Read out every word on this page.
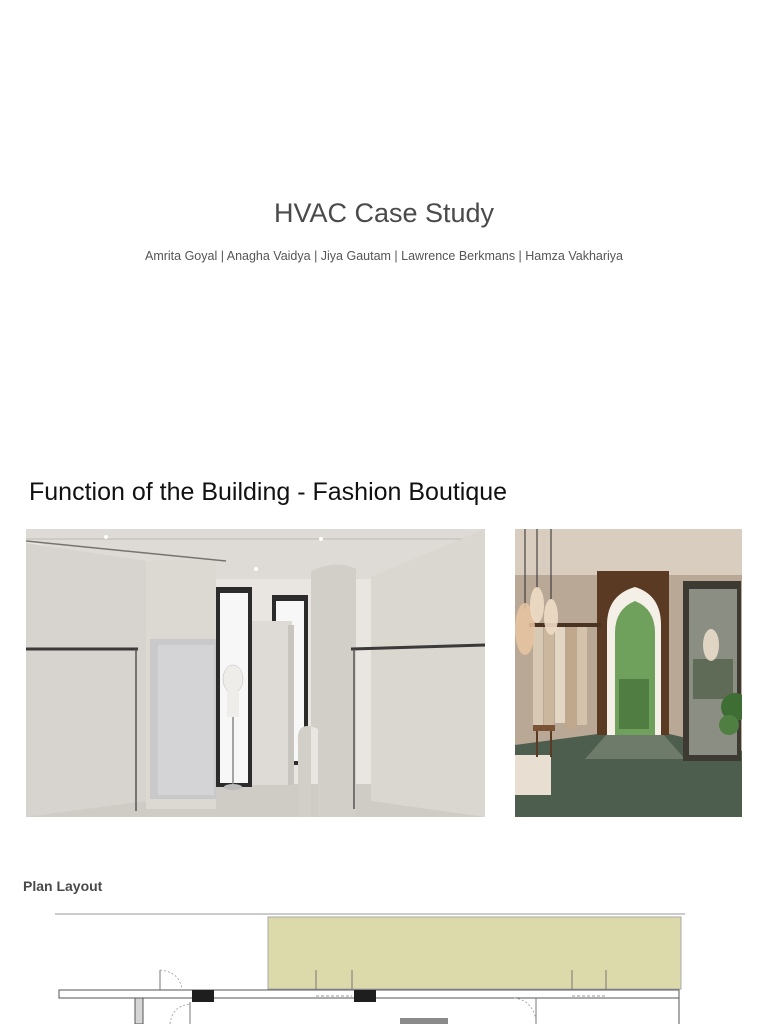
HVAC Case Study

Amrita Goyal | Anagha Vaidya | Jiya Gautam | Lawrence Berkmans | Hamza Vakhariya

Function of the Building - Fashion Boutique

Plan Layout
